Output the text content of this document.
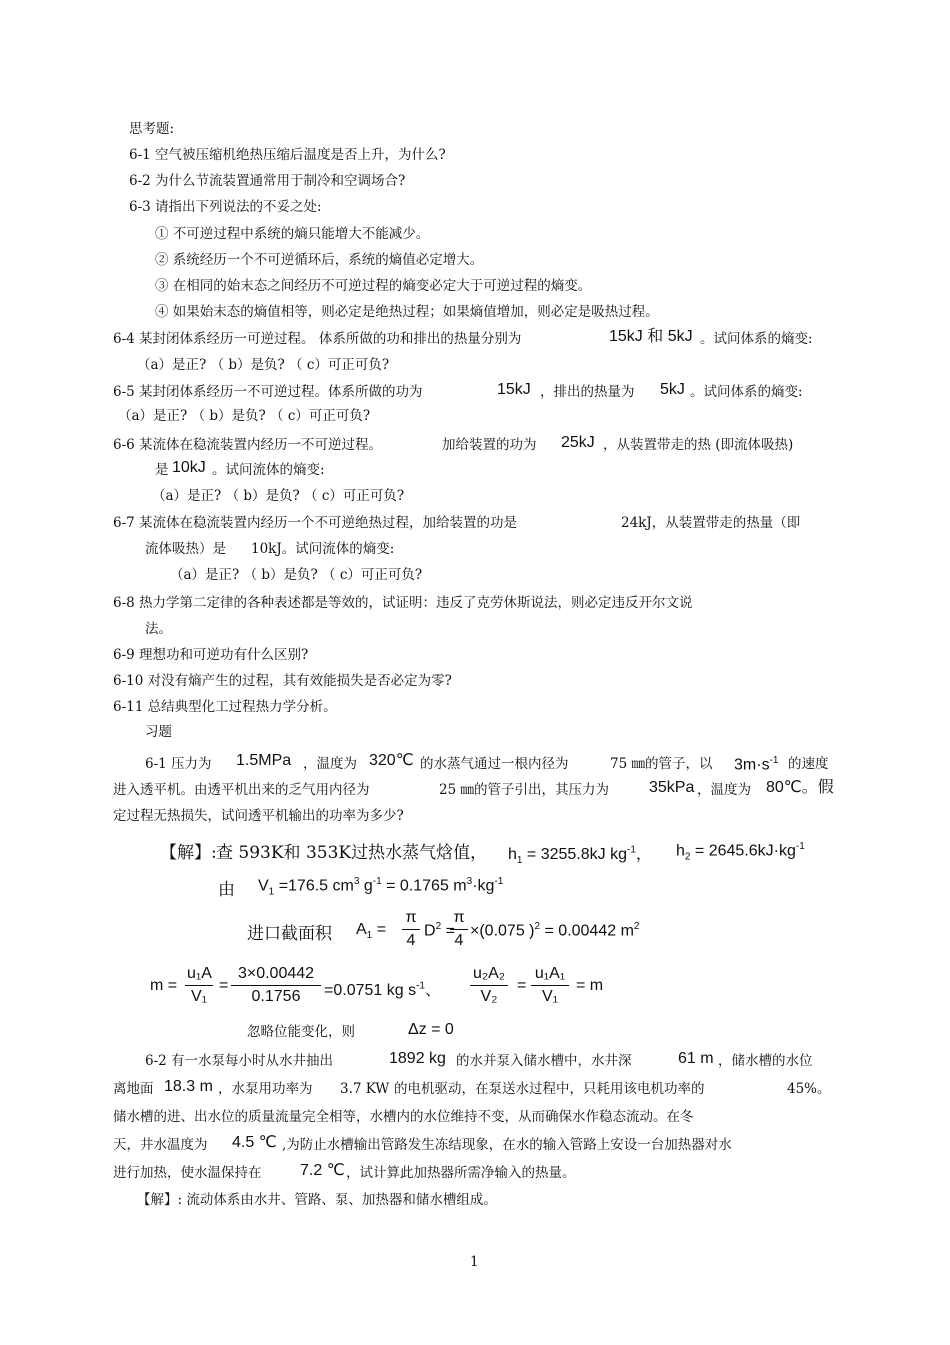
思考题:
6-1 空气被压缩机绝热压缩后温度是否上升，为什么?
6-2 为什么节流装置通常用于制冷和空调场合?
6-3 请指出下列说法的不妥之处:
① 不可逆过程中系统的熵只能增大不能减少。
② 系统经历一个不可逆循环后，系统的熵值必定增大。
③ 在相同的始末态之间经历不可逆过程的熵变必定大于可逆过程的熵变。
④ 如果始末态的熵值相等，则必定是绝热过程；如果熵值增加，则必定是吸热过程。
6-4 某封闭体系经历一可逆过程。 体系所做的功和排出的热量分别为	15kJ 和 5kJ 。试问体系的熵变:
（a）是正? （ b）是负? （ c）可正可负?
6-5 某封闭体系经历一不可逆过程。体系所做的功为	15kJ ，排出的热量为 5kJ 。试问体系的熵变:
（a）是正? （ b）是负? （ c）可正可负?
6-6 某流体在稳流装置内经历一不可逆过程。	加给装置的功为 25kJ ，从装置带走的热 (即流体吸热)
是 10kJ 。试问流体的熵变:
（a）是正? （ b）是负? （ c）可正可负?
6-7 某流体在稳流装置内经历一个不可逆绝热过程，加给装置的功是	24kJ，从装置带走的热量（即
流体吸热）是 10kJ。试问流体的熵变:
（a）是正? （ b）是负? （ c）可正可负?
6-8 热力学第二定律的各种表述都是等效的，试证明：违反了克劳休斯说法，则必定违反开尔文说
法。
6-9 理想功和可逆功有什么区别?
6-10 对没有熵产生的过程，其有效能损失是否必定为零?
6-11 总结典型化工过程热力学分析。
习题
6-1 压力为 1.5MPa ，温度为 320℃ 的水蒸气通过一根内径为	75 ㎜的管子，以 $3m\cdot s^{-1}$ 的速度
进入透平机。由透平机出来的乏气用内径为	25 ㎜的管子引出，其压力为	35kPa ，温度为 80℃。假
定过程无热损失，试问透平机输出的功率为多少?
【解】: 查 593K和 353K过热水蒸气焓值， $h_1 = 3255.8kJ$ $kg^{-1}$， $h_2 = 2645.6kJ\cdot kg^{-1}$
由 $V_1 =176.5$ $cm^3$ $g^{-1} = 0.1765$ $m^3\cdot kg^{-1}$
进口截面积 $A_1 = \frac{\pi}{4} D^2$ =
$\frac{\pi}{4} \times(0.075$ )$^2$ = 0.00442 $m^2$
$m = \frac{\text{u₁A}}{\text{V₁}} = \frac{3\times 0.00442}{0.1756} =0.0751$ kg $s^{-1}$、 $\frac{\text{u₂A₂}}{\text{V₂}} = \frac{\text{u₁A₁}}{\text{V₁}} = m$
忽略位能变化，则	Δz = 0
6-2 有一水泵每小时从水井抽出	1892 kg 的水并泵入储水槽中，水井深	61 m ，储水槽的水位
离地面 18.3 m ，水泵用功率为 3.7 KW 的电机驱动，在泵送水过程中，只耗用该电机功率的	45%。
储水槽的进、出水位的质量流量完全相等，水槽内的水位维持不变，从而确保水作稳态流动。在冬
天，井水温度为 4.5 ℃ ,为防止水槽输出管路发生冻结现象，在水的输入管路上安设一台加热器对水
进行加热，使水温保持在 7.2 ℃ ，试计算此加热器所需净输入的热量。
【解】: 流动体系由水井、管路、泵、加热器和储水槽组成。
1
